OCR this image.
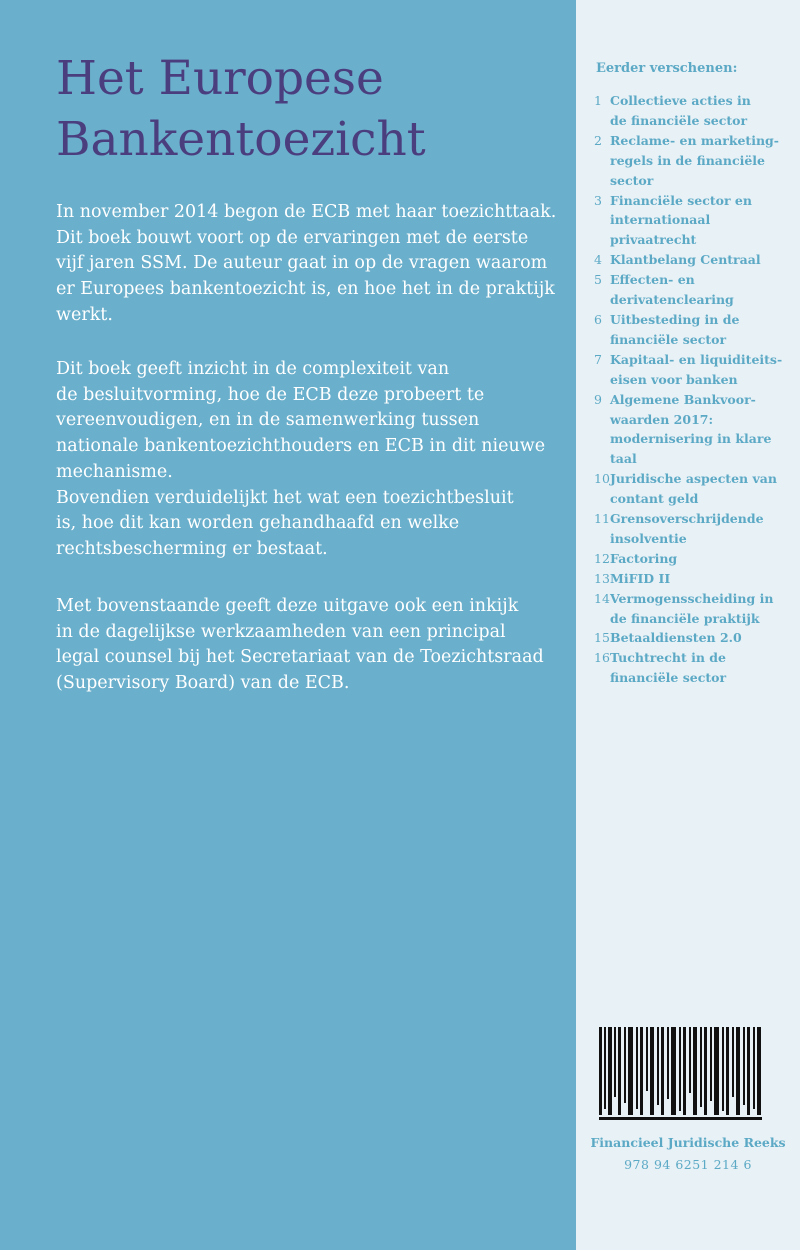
Het Europese
Bankentoezicht
In november 2014 begon de ECB met haar toezichttaak.
Dit boek bouwt voort op de ervaringen met de eerste
vijf jaren SSM. De auteur gaat in op de vragen waarom
er Europees bankentoezicht is, en hoe het in de praktijk
werkt.
Dit boek geeft inzicht in de complexiteit van
de besluitvorming, hoe de ECB deze probeert te
vereenvoudigen, en in de samenwerking tussen
nationale bankentoezichthouders en ECB in dit nieuwe
mechanisme.
Bovendien verduidelijkt het wat een toezichtbesluit
is, hoe dit kan worden gehandhaafd en welke
rechtsbescherming er bestaat.
Met bovenstaande geeft deze uitgave ook een inkijk
in de dagelijkse werkzaamheden van een principal
legal counsel bij het Secretariaat van de Toezichtsraad
(Supervisory Board) van de ECB.
Eerder verschenen:
1 Collectieve acties in
de financiële sector
2 Reclame- en marketing-
regels in de financiële
sector
3 Financiële sector en
internationaal
privaatrecht
4 Klantbelang Centraal
5 Effecten- en
derivatenclearing
6 Uitbesteding in de
financiële sector
7 Kapitaal- en liquiditeits-
eisen voor banken
9 Algemene Bankvoor-
waarden 2017:
modernisering in klare
taal
10 Juridische aspecten van
contant geld
11 Grensoverschrijdende
insolventie
12 Factoring
13 MiFID II
14 Vermogensscheiding in
de financiële praktijk
15 Betaaldiensten 2.0
16 Tuchtrecht in de
financiële sector
Financieel Juridische Reeks
978 94 6251 214 6
